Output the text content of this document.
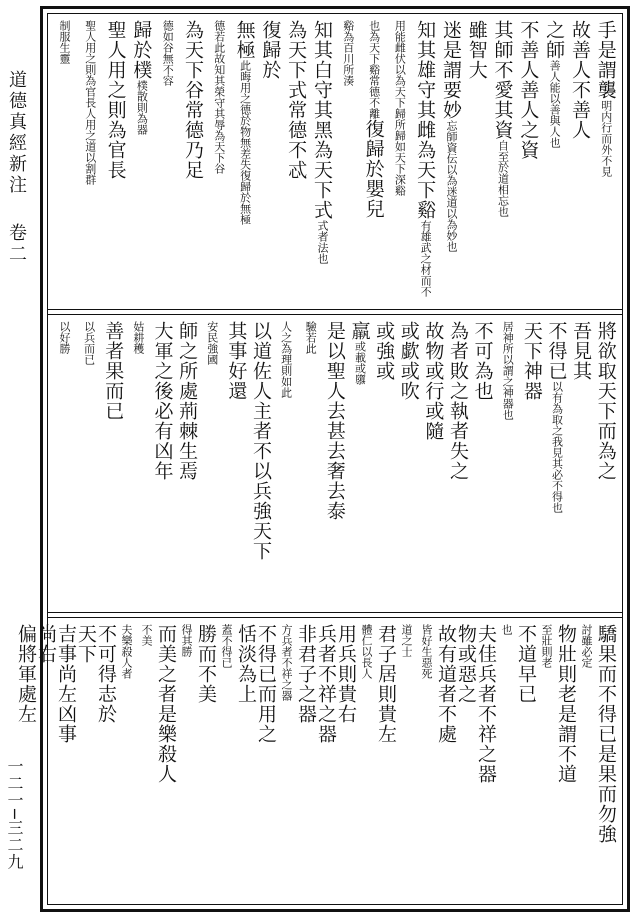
道德真經新注 卷二
一二一─三二九
手是謂襲明内行而外不見
故善人不善人
之師善人能以善與人也
不善人善人之資
其師不愛其資自至於道相忘也
雖智大
迷是謂要妙忘師資伝以為迷道以為妙也
知其雄守其雌為天下谿有雄武之材而不
用能雌伏以為天下歸所歸如天下深谿
也為天下谿常德不離復歸於嬰兒
谿為百川所湊
知其白守其黑為天下式式者法也
為天下式常德不忒
復歸於
無極此晦用之德於物無差失復歸於無極
德若此故知其榮守其辱為天下谷
為天下谷常德乃足
德如谷無不容
歸於樸樸散則為器
聖人用之則為官長
聖人用之則為官長人用之道以割群
制服生靈
將欲取天下而為之
吾見其
不得已以有為取之我見其必不得也
天下神器
居神所以謂之神器也
不可為也
為者敗之執者失之
故物或行或隨
或歔或吹
或強或
羸或載或隳
是以聖人去甚去奢去泰
驗若此
人之為理則如此
以道佐人主者不以兵強天下
其事好還
安民強國
師之所處荊棘生焉
大軍之後必有凶年
姑耕穫
善者果而已
以兵而已
以好勝
驕果而不得已是果而勿強
討雖必定
物壯則老是謂不道
至壯則老
不道早已
也
夫佳兵者不祥之器
物或惡之
故有道者不處
皆好生惡死
道之士
君子居則貴左
體仁以長人
用兵則貴右
兵者不祥之器
非君子之器
方兵者不祥之器
不得已而用之
恬淡為上
蓋不得已
勝而不美
得其勝
而美之者是樂殺人
不美
夫樂殺人者
不可得志於
天下
吉事尚左凶事
尚右
偏將軍處左
